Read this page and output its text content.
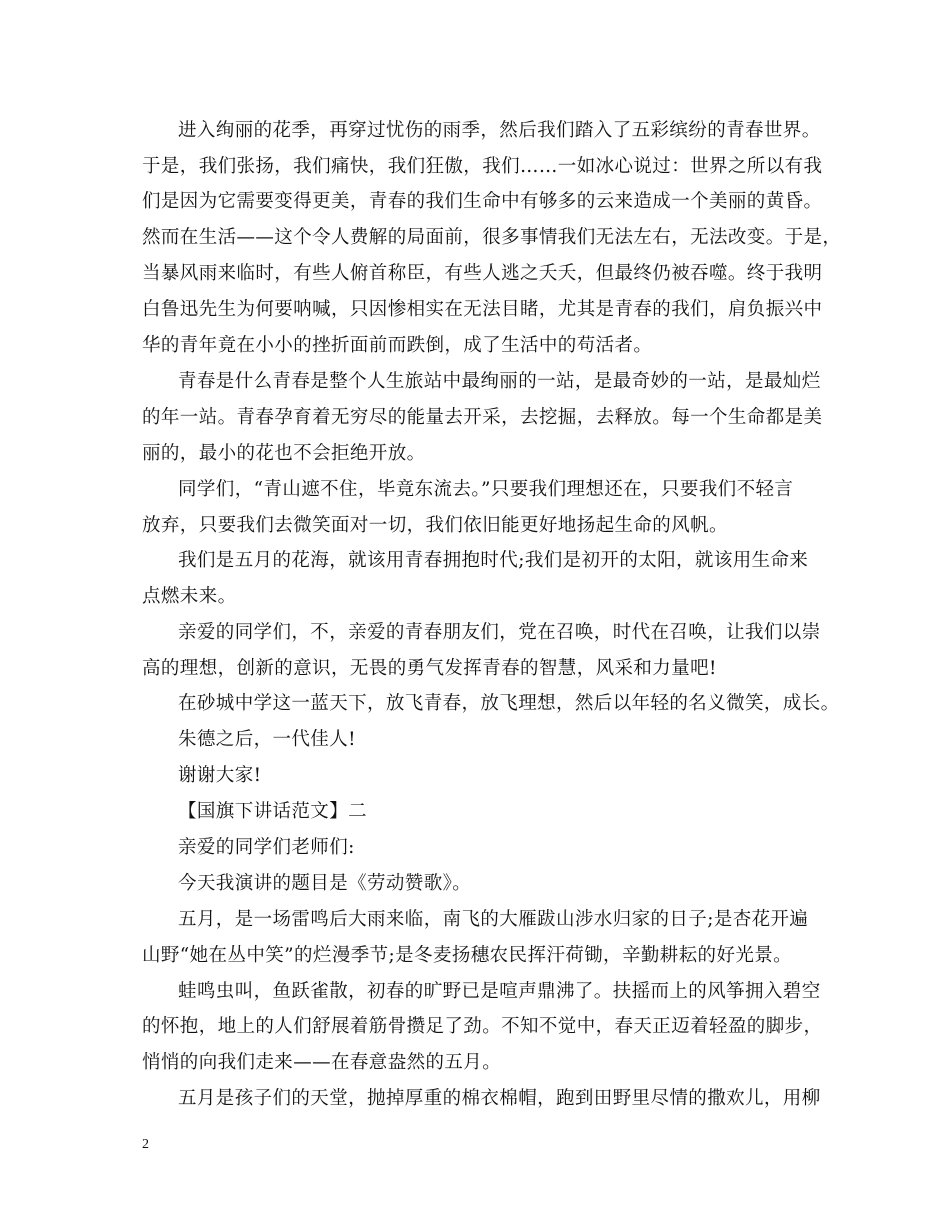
进入绚丽的花季，再穿过忧伤的雨季，然后我们踏入了五彩缤纷的青春世界。
于是，我们张扬，我们痛快，我们狂傲，我们……一如冰心说过：世界之所以有我
们是因为它需要变得更美，青春的我们生命中有够多的云来造成一个美丽的黄昏。
然而在生活——这个令人费解的局面前，很多事情我们无法左右，无法改变。于是，
当暴风雨来临时，有些人俯首称臣，有些人逃之夭夭，但最终仍被吞噬。终于我明
白鲁迅先生为何要呐喊，只因惨相实在无法目睹，尤其是青春的我们，肩负振兴中
华的青年竟在小小的挫折面前而跌倒，成了生活中的苟活者。
青春是什么青春是整个人生旅站中最绚丽的一站，是最奇妙的一站，是最灿烂
的年一站。青春孕育着无穷尽的能量去开采，去挖掘，去释放。每一个生命都是美
丽的，最小的花也不会拒绝开放。
同学们，“青山遮不住，毕竟东流去。”只要我们理想还在，只要我们不轻言
放弃，只要我们去微笑面对一切，我们依旧能更好地扬起生命的风帆。
我们是五月的花海，就该用青春拥抱时代;我们是初开的太阳，就该用生命来
点燃未来。
亲爱的同学们，不，亲爱的青春朋友们，党在召唤，时代在召唤，让我们以崇
高的理想，创新的意识，无畏的勇气发挥青春的智慧，风采和力量吧!
在砂城中学这一蓝天下，放飞青春，放飞理想，然后以年轻的名义微笑，成长。
朱德之后，一代佳人!
谢谢大家!
【国旗下讲话范文】二
亲爱的同学们老师们:
今天我演讲的题目是《劳动赞歌》。
五月，是一场雷鸣后大雨来临，南飞的大雁跋山涉水归家的日子;是杏花开遍
山野“她在丛中笑”的烂漫季节;是冬麦扬穗农民挥汗荷锄，辛勤耕耘的好光景。
蛙鸣虫叫，鱼跃雀散，初春的旷野已是喧声鼎沸了。扶摇而上的风筝拥入碧空
的怀抱，地上的人们舒展着筋骨攒足了劲。不知不觉中，春天正迈着轻盈的脚步，
悄悄的向我们走来——在春意盎然的五月。
五月是孩子们的天堂，抛掉厚重的棉衣棉帽，跑到田野里尽情的撒欢儿，用柳
2
